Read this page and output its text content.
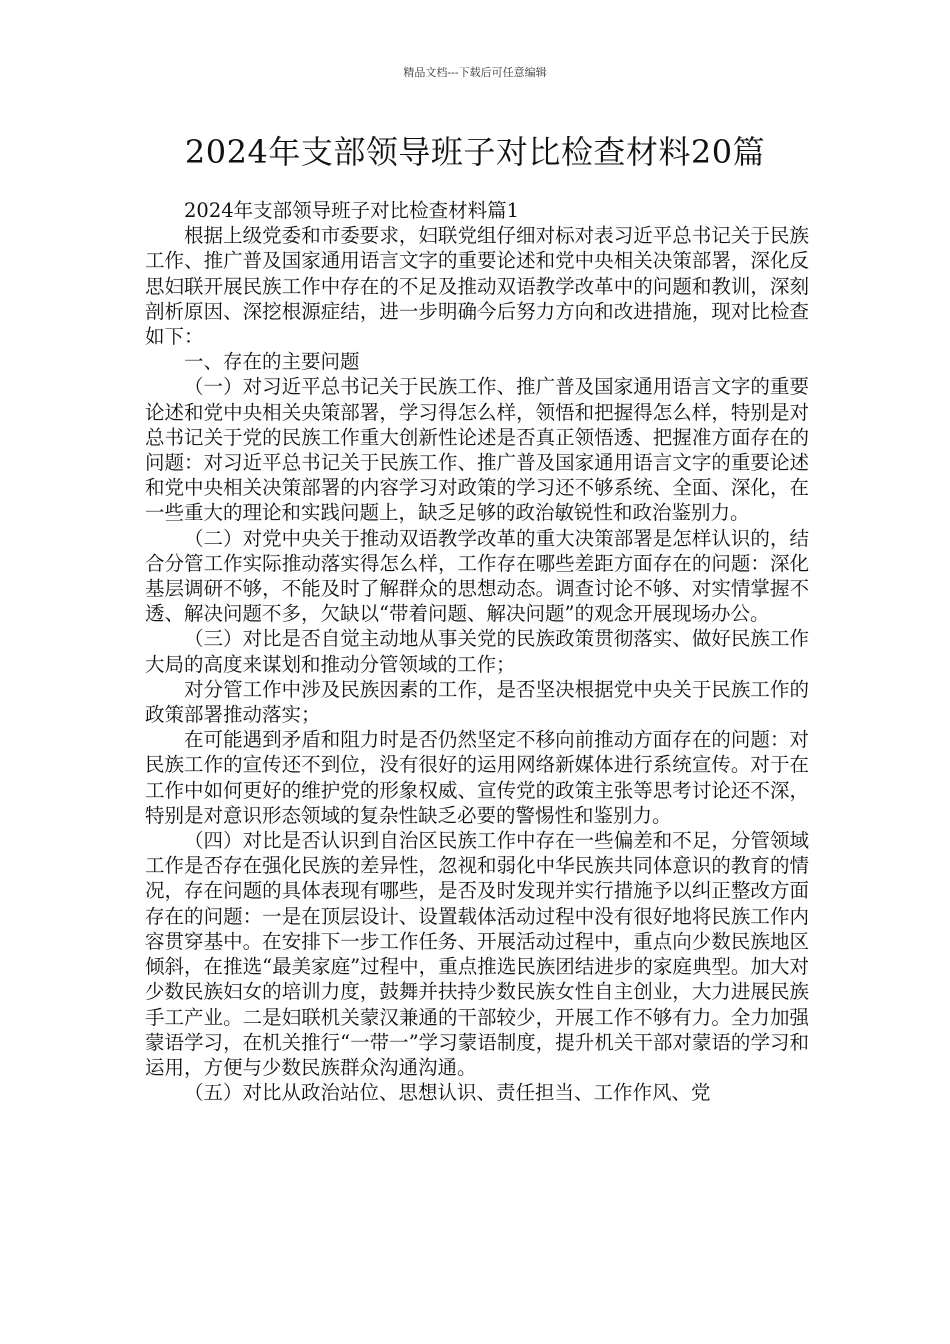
精品文档---下载后可任意编辑
2024年支部领导班子对比检查材料20篇

2024年支部领导班子对比检查材料篇1

根据上级党委和市委要求，妇联党组仔细对标对表习近平总书记关于民族工作、推广普及国家通用语言文字的重要论述和党中央相关决策部署，深化反思妇联开展民族工作中存在的不足及推动双语教学改革中的问题和教训，深刻剖析原因、深挖根源症结，进一步明确今后努力方向和改进措施，现对比检查如下：

一、存在的主要问题

（一）对习近平总书记关于民族工作、推广普及国家通用语言文字的重要论述和党中央相关央策部署，学习得怎么样，领悟和把握得怎么样，特别是对总书记关于党的民族工作重大创新性论述是否真正领悟透、把握准方面存在的问题：对习近平总书记关于民族工作、推广普及国家通用语言文字的重要论述和党中央相关决策部署的内容学习对政策的学习还不够系统、全面、深化，在一些重大的理论和实践问题上，缺乏足够的政治敏锐性和政治鉴别力。

（二）对党中央关于推动双语教学改革的重大决策部署是怎样认识的，结合分管工作实际推动落实得怎么样，工作存在哪些差距方面存在的问题：深化基层调研不够，不能及时了解群众的思想动态。调查讨论不够、对实情掌握不透、解决问题不多，欠缺以“带着问题、解决问题”的观念开展现场办公。

（三）对比是否自觉主动地从事关党的民族政策贯彻落实、做好民族工作大局的高度来谋划和推动分管领域的工作；

对分管工作中涉及民族因素的工作，是否坚决根据党中央关于民族工作的政策部署推动落实；

在可能遇到矛盾和阻力时是否仍然坚定不移向前推动方面存在的问题：对民族工作的宣传还不到位，没有很好的运用网络新媒体进行系统宣传。对于在工作中如何更好的维护党的形象权威、宣传党的政策主张等思考讨论还不深，特别是对意识形态领域的复杂性缺乏必要的警惕性和鉴别力。

（四）对比是否认识到自治区民族工作中存在一些偏差和不足，分管领域工作是否存在强化民族的差异性，忽视和弱化中华民族共同体意识的教育的情况，存在问题的具体表现有哪些，是否及时发现并实行措施予以纠正整改方面存在的问题：一是在顶层设计、设置载体活动过程中没有很好地将民族工作内容贯穿基中。在安排下一步工作任务、开展活动过程中，重点向少数民族地区倾斜，在推选“最美家庭”过程中，重点推选民族团结进步的家庭典型。加大对少数民族妇女的培训力度，鼓舞并扶持少数民族女性自主创业，大力进展民族手工产业。二是妇联机关蒙汉兼通的干部较少，开展工作不够有力。全力加强蒙语学习，在机关推行“一带一”学习蒙语制度，提升机关干部对蒙语的学习和运用，方便与少数民族群众沟通沟通。

（五）对比从政治站位、思想认识、责任担当、工作作风、党
